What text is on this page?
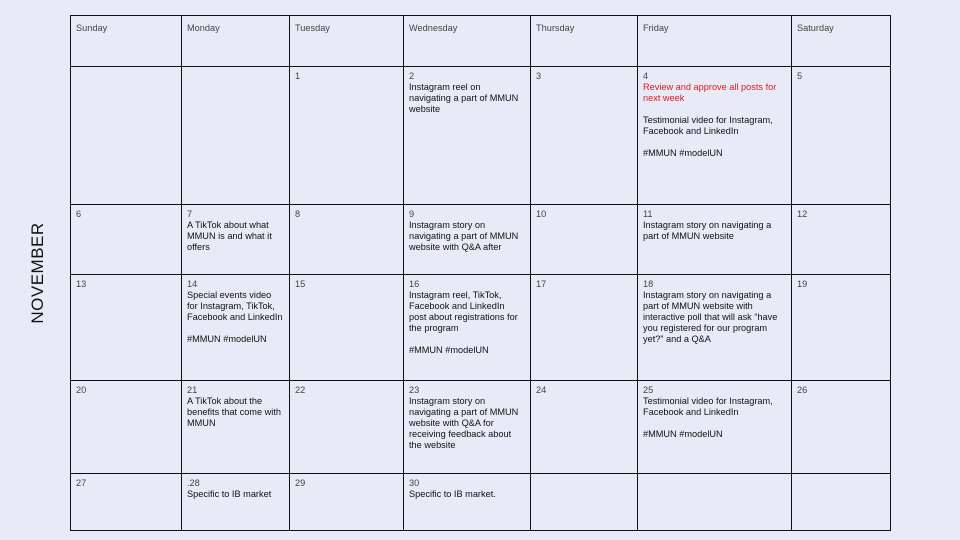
NOVEMBER
Sunday	Monday	Tuesday	Wednesday	Thursday	Friday	Saturday

		1	2
Instagram reel on navigating a part of MMUN website	3	4
Review and approve all posts for next week

Testimonial video for Instagram, Facebook and LinkedIn

#MMUN #modelUN	5

6	7
A TikTok about what MMUN is and what it offers	8	9
Instagram story on navigating a part of MMUN website with Q&A after	10	11
Instagram story on navigating a part of MMUN website	12

13	14
Special events video for Instagram, TikTok, Facebook and LinkedIn

#MMUN #modelUN	15	16
Instagram reel, TikTok, Facebook and LinkedIn post about registrations for the program

#MMUN #modelUN	17	18
Instagram story on navigating a part of MMUN website with interactive poll that will ask “have you registered for our program yet?” and a Q&A	19

20	21
A TikTok about the benefits that come with MMUN	22	23
Instagram story on navigating a part of MMUN website with Q&A for receiving feedback about the website	24	25
Testimonial video for Instagram, Facebook and LinkedIn

#MMUN #modelUN	26

27	.28
Specific to IB market	29	30
Specific to IB market.			
